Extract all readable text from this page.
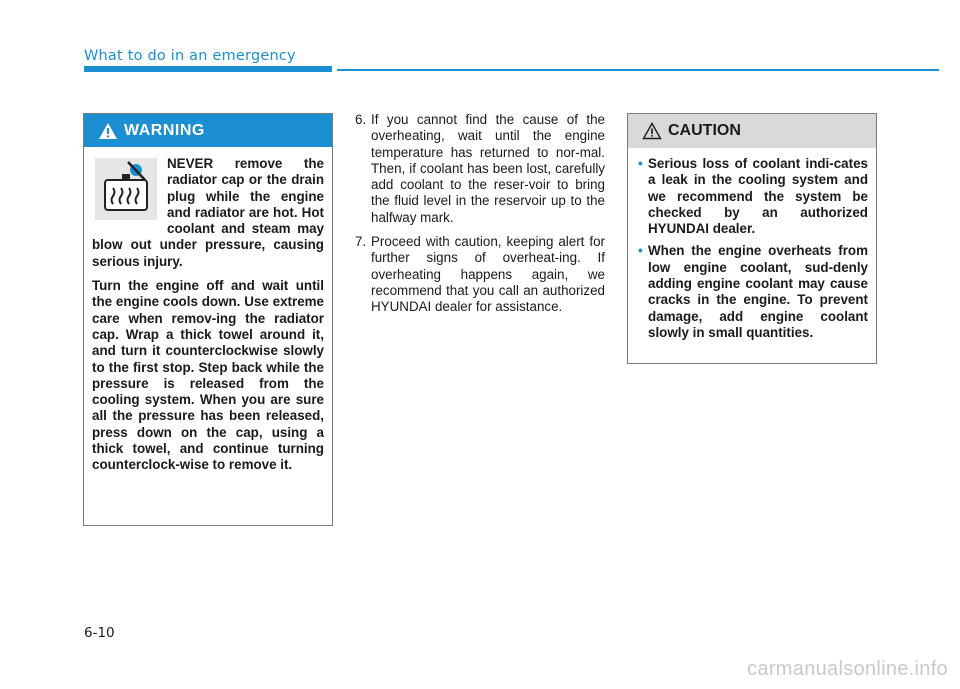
What to do in an emergency
WARNING

NEVER remove the radiator cap or the drain plug while the engine and radiator are hot. Hot coolant and steam may blow out under pressure, causing serious injury.

Turn the engine off and wait until the engine cools down. Use extreme care when remov-ing the radiator cap. Wrap a thick towel around it, and turn it counterclockwise slowly to the first stop. Step back while the pressure is released from the cooling system. When you are sure all the pressure has been released, press down on the cap, using a thick towel, and continue turning counterclock-wise to remove it.

6. If you cannot find the cause of the overheating, wait until the engine temperature has returned to nor-mal. Then, if coolant has been lost, carefully add coolant to the reser-voir to bring the fluid level in the reservoir up to the halfway mark.
7. Proceed with caution, keeping alert for further signs of overheat-ing. If overheating happens again, we recommend that you call an authorized HYUNDAI dealer for assistance.
CAUTION
• Serious loss of coolant indi-cates a leak in the cooling system and we recommend the system be checked by an authorized HYUNDAI dealer.
• When the engine overheats from low engine coolant, sud-denly adding engine coolant may cause cracks in the engine. To prevent damage, add engine coolant slowly in small quantities.
6-10
carmanualsonline.info
